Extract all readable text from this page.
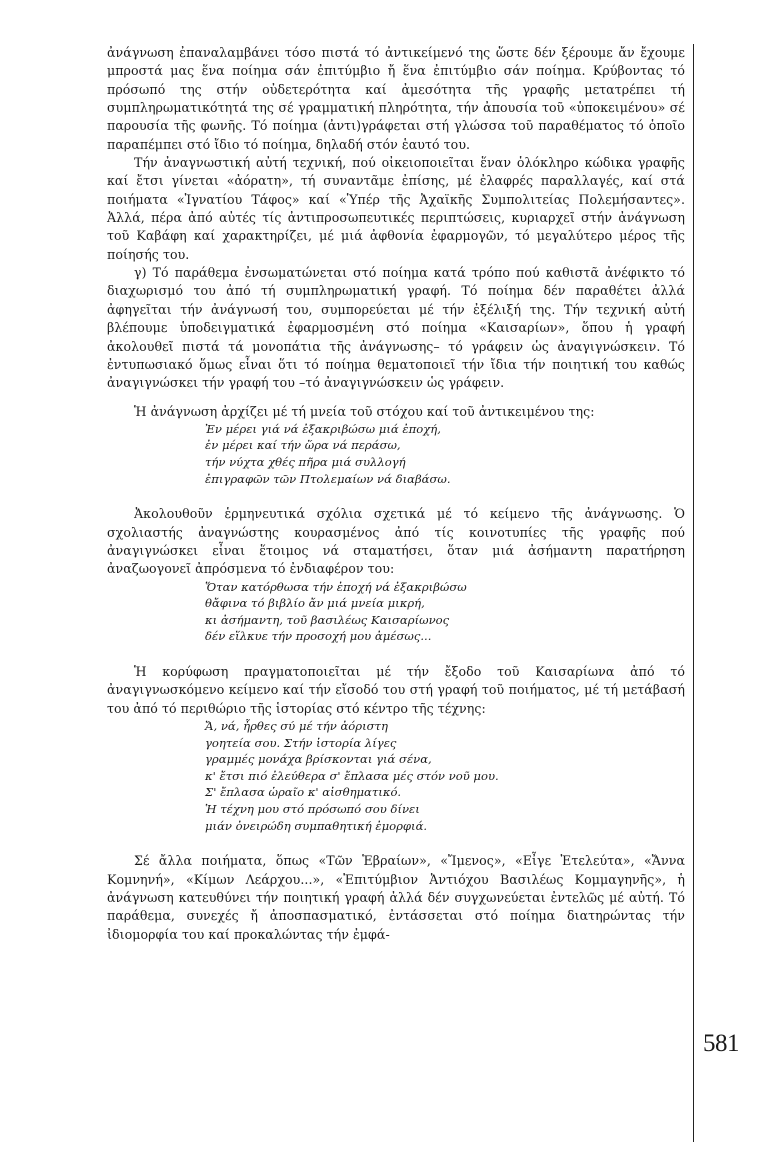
ἀνάγνωση ἐπαναλαμβάνει τόσο πιστά τό ἀντικείμενό της ὥστε δέν ξέρουμε ἄν ἔχουμε μπροστά μας ἕνα ποίημα σάν ἐπιτύμβιο ἤ ἕνα ἐπιτύμβιο σάν ποίημα. Κρύβοντας τό πρόσωπό της στήν οὐδετερότητα καί ἀμεσότητα τῆς γραφῆς μετατρέπει τή συμπληρωματικότητά της σέ γραμματική πληρότητα, τήν ἀπουσία τοῦ «ὑποκειμένου» σέ παρουσία τῆς φωνῆς. Τό ποίημα (ἀντι)γράφεται στή γλώσσα τοῦ παραθέματος τό ὁποῖο παραπέμπει στό ἴδιο τό ποίημα, δηλαδή στόν ἑαυτό του.

Τήν ἀναγνωστική αὐτή τεχνική, πού οἰκειοποιεῖται ἕναν ὁλόκληρο κώδικα γραφῆς καί ἔτσι γίνεται «ἀόρατη», τή συναντᾶμε ἐπίσης, μέ ἐλαφρές παραλλαγές, καί στά ποιήματα «Ἰγνατίου Τάφος» καί «Ὑπέρ τῆς Ἀχαϊκῆς Συμπολιτείας Πολεμήσαντες». Ἀλλά, πέρα ἀπό αὐτές τίς ἀντιπροσωπευτικές περιπτώσεις, κυριαρχεῖ στήν ἀνάγνωση τοῦ Καβάφη καί χαρακτηρίζει, μέ μιά ἀφθονία ἐφαρμογῶν, τό μεγαλύτερο μέρος τῆς ποίησής του.

γ) Τό παράθεμα ἐνσωματώνεται στό ποίημα κατά τρόπο πού καθιστᾶ ἀνέφικτο τό διαχωρισμό του ἀπό τή συμπληρωματική γραφή. Τό ποίημα δέν παραθέτει ἀλλά ἀφηγεῖται τήν ἀνάγνωσή του, συμπορεύεται μέ τήν ἐξέλιξή της. Τήν τεχνική αὐτή βλέπουμε ὑποδειγματικά ἐφαρμοσμένη στό ποίημα «Καισαρίων», ὅπου ἡ γραφή ἀκολουθεῖ πιστά τά μονοπάτια τῆς ἀνάγνωσης– τό γράφειν ὡς ἀναγιγνώσκειν. Τό ἐντυπωσιακό ὅμως εἶναι ὅτι τό ποίημα θεματοποιεῖ τήν ἴδια τήν ποιητική του καθώς ἀναγιγνώσκει τήν γραφή του –τό ἀναγιγνώσκειν ὡς γράφειν.

Ἡ ἀνάγνωση ἀρχίζει μέ τή μνεία τοῦ στόχου καί τοῦ ἀντικειμένου της:

Ἐν μέρει γιά νά ἐξακριβώσω μιά ἐποχή,
ἐν μέρει καί τήν ὥρα νά περάσω,
τήν νύχτα χθές πῆρα μιά συλλογή
ἐπιγραφῶν τῶν Πτολεμαίων νά διαβάσω.

Ἀκολουθοῦν ἑρμηνευτικά σχόλια σχετικά μέ τό κείμενο τῆς ἀνάγνωσης. Ὁ σχολιαστής ἀναγνώστης κουρασμένος ἀπό τίς κοινοτυπίες τῆς γραφῆς πού ἀναγιγνώσκει εἶναι ἕτοιμος νά σταματήσει, ὅταν μιά ἀσήμαντη παρατήρηση ἀναζωογονεῖ ἀπρόσμενα τό ἐνδιαφέρον του:

Ὅταν κατόρθωσα τήν ἐποχή νά ἐξακριβώσω
θἄφινα τό βιβλίο ἄν μιά μνεία μικρή,
κι ἀσήμαντη, τοῦ βασιλέως Καισαρίωνος
δέν εἵλκυε τήν προσοχή μου ἀμέσως...

Ἡ κορύφωση πραγματοποιεῖται μέ τήν ἔξοδο τοῦ Καισαρίωνα ἀπό τό ἀναγιγνωσκόμενο κείμενο καί τήν εἴσοδό του στή γραφή τοῦ ποιήματος, μέ τή μετάβασή του ἀπό τό περιθώριο τῆς ἱστορίας στό κέντρο τῆς τέχνης:

Ἄ, νά, ἦρθες σύ μέ τήν ἀόριστη
γοητεία σου. Στήν ἱστορία λίγες
γραμμές μονάχα βρίσκονται γιά σένα,
κ' ἔτσι πιό ἐλεύθερα σ' ἔπλασα μές στόν νοῦ μου.
Σ' ἔπλασα ὡραῖο κ' αἰσθηματικό.
Ἡ τέχνη μου στό πρόσωπό σου δίνει
μιάν ὀνειρώδη συμπαθητική ἐμορφιά.

Σέ ἄλλα ποιήματα, ὅπως «Τῶν Ἑβραίων», «Ἴμενος», «Εἶγε Ἐτελεύτα», «Ἄννα Κομνηνή», «Κίμων Λεάρχου...», «Ἐπιτύμβιον Ἀντιόχου Βασιλέως Κομμαγηνῆς», ἡ ἀνάγνωση κατευθύνει τήν ποιητική γραφή ἀλλά δέν συγχωνεύεται ἐντελῶς μέ αὐτή. Τό παράθεμα, συνεχές ἤ ἀποσπασματικό, ἐντάσσεται στό ποίημα διατηρώντας τήν ἰδιομορφία του καί προκαλώντας τήν ἐμφά-

581
